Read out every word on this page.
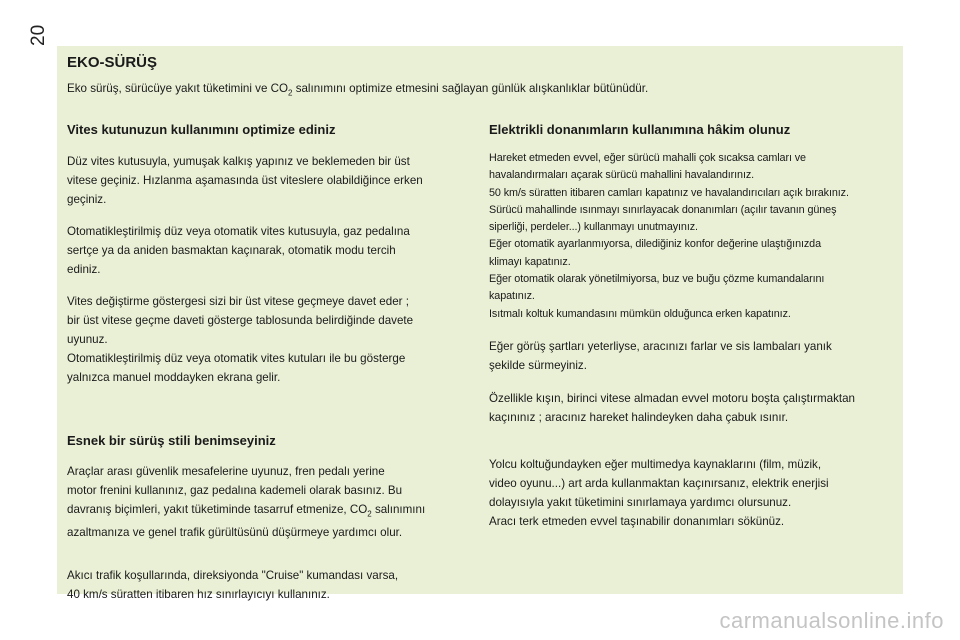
20
EKO-SÜRÜŞ

Eko sürüş, sürücüye yakıt tüketimini ve $CO_2$ salınımını optimize etmesini sağlayan günlük alışkanlıklar bütünüdür.

Vites kutunuzun kullanımını optimize ediniz

Düz vites kutusuyla, yumuşak kalkış yapınız ve beklemeden bir üst
vitese geçiniz. Hızlanma aşamasında üst viteslere olabildiğince erken
geçiniz.

Otomatikleştirilmiş düz veya otomatik vites kutusuyla, gaz pedalına
sertçe ya da aniden basmaktan kaçınarak, otomatik modu tercih
ediniz.

Vites değiştirme göstergesi sizi bir üst vitese geçmeye davet eder ;
bir üst vitese geçme daveti gösterge tablosunda belirdiğinde davete
uyunuz.
Otomatikleştirilmiş düz veya otomatik vites kutuları ile bu gösterge
yalnızca manuel moddayken ekrana gelir.

Esnek bir sürüş stili benimseyiniz

Araçlar arası güvenlik mesafelerine uyunuz, fren pedalı yerine
motor frenini kullanınız, gaz pedalına kademeli olarak basınız. Bu
davranış biçimleri, yakıt tüketiminde tasarruf etmenize, $CO_2$ salınımını
azaltmanıza ve genel trafik gürültüsünü düşürmeye yardımcı olur.

Akıcı trafik koşullarında, direksiyonda "Cruise" kumandası varsa,
40 km/s süratten itibaren hız sınırlayıcıyı kullanınız.

Elektrikli donanımların kullanımına hâkim olunuz

Hareket etmeden evvel, eğer sürücü mahalli çok sıcaksa camları ve
havalandırmaları açarak sürücü mahallini havalandırınız.
50 km/s süratten itibaren camları kapatınız ve havalandırıcıları açık bırakınız.
Sürücü mahallinde ısınmayı sınırlayacak donanımları (açılır tavanın güneş
siperliği, perdeler...) kullanmayı unutmayınız.
Eğer otomatik ayarlanmıyorsa, dilediğiniz konfor değerine ulaştığınızda
klimayı kapatınız.
Eğer otomatik olarak yönetilmiyorsa, buz ve buğu çözme kumandalarını
kapatınız.
Isıtmalı koltuk kumandasını mümkün olduğunca erken kapatınız.

Eğer görüş şartları yeterliyse, aracınızı farlar ve sis lambaları yanık
şekilde sürmeyiniz.

Özellikle kışın, birinci vitese almadan evvel motoru boşta çalıştırmaktan
kaçınınız ; aracınız hareket halindeyken daha çabuk ısınır.

Yolcu koltuğundayken eğer multimedya kaynaklarını (film, müzik,
video oyunu...) art arda kullanmaktan kaçınırsanız, elektrik enerjisi
dolayısıyla yakıt tüketimini sınırlamaya yardımcı olursunuz.
Aracı terk etmeden evvel taşınabilir donanımları sökünüz.

carmanualsonline.info
